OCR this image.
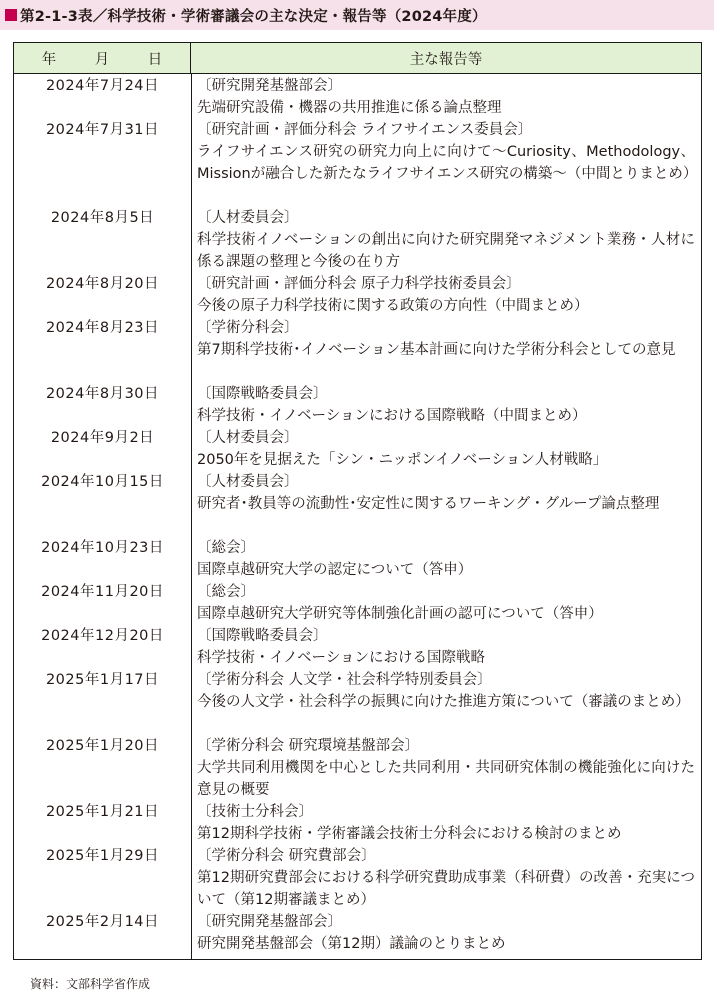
第2-1-3表／科学技術・学術審議会の主な決定・報告等（2024年度）
年　月　日	主な報告等
2024年7月24日	〔研究開発基盤部会〕
先端研究設備・機器の共用推進に係る論点整理
2024年7月31日	〔研究計画・評価分科会 ライフサイエンス委員会〕
ライフサイエンス研究の研究力向上に向けて～Curiosity、Methodology、Missionが融合した新たなライフサイエンス研究の構築～（中間とりまとめ）
2024年8月5日	〔人材委員会〕
科学技術イノベーションの創出に向けた研究開発マネジメント業務・人材に係る課題の整理と今後の在り方
2024年8月20日	〔研究計画・評価分科会 原子力科学技術委員会〕
今後の原子力科学技術に関する政策の方向性（中間まとめ）
2024年8月23日	〔学術分科会〕
第7期科学技術･イノベーション基本計画に向けた学術分科会としての意見
2024年8月30日	〔国際戦略委員会〕
科学技術・イノベーションにおける国際戦略（中間まとめ）
2024年9月2日	〔人材委員会〕
2050年を見据えた「シン・ニッポンイノベーション人材戦略」
2024年10月15日	〔人材委員会〕
研究者･教員等の流動性･安定性に関するワーキング・グループ論点整理
2024年10月23日	〔総会〕
国際卓越研究大学の認定について（答申）
2024年11月20日	〔総会〕
国際卓越研究大学研究等体制強化計画の認可について（答申）
2024年12月20日	〔国際戦略委員会〕
科学技術・イノベーションにおける国際戦略
2025年1月17日	〔学術分科会 人文学・社会科学特別委員会〕
今後の人文学・社会科学の振興に向けた推進方策について（審議のまとめ）
2025年1月20日	〔学術分科会 研究環境基盤部会〕
大学共同利用機関を中心とした共同利用・共同研究体制の機能強化に向けた意見の概要
2025年1月21日	〔技術士分科会〕
第12期科学技術・学術審議会技術士分科会における検討のまとめ
2025年1月29日	〔学術分科会 研究費部会〕
第12期研究費部会における科学研究費助成事業（科研費）の改善・充実について（第12期審議まとめ）
2025年2月14日	〔研究開発基盤部会〕
研究開発基盤部会（第12期）議論のとりまとめ
資料：文部科学省作成
